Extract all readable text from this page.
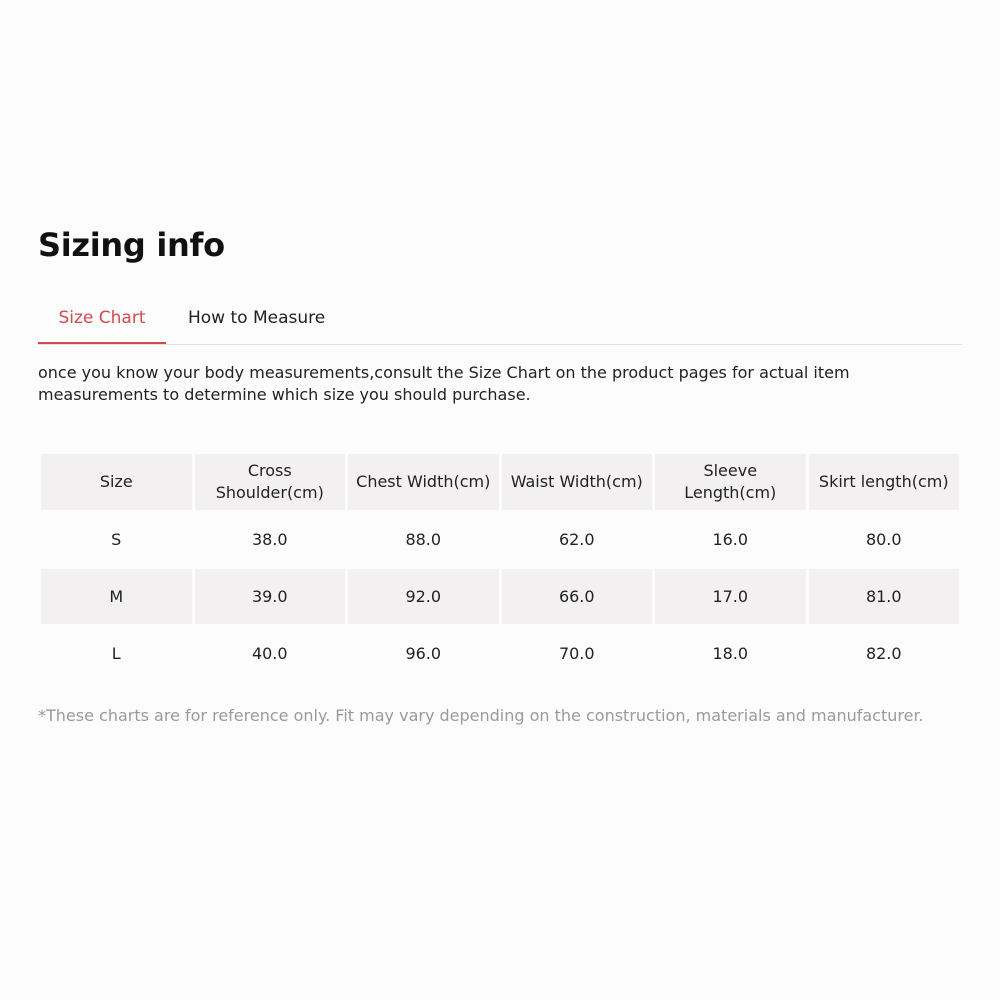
Sizing info
Size Chart	How to Measure

once you know your body measurements,consult the Size Chart on the product pages for actual item measurements to determine which size you should purchase.

Size	Cross Shoulder(cm)	Chest Width(cm)	Waist Width(cm)	Sleeve Length(cm)	Skirt length(cm)
S	38.0	88.0	62.0	16.0	80.0
M	39.0	92.0	66.0	17.0	81.0
L	40.0	96.0	70.0	18.0	82.0

*These charts are for reference only. Fit may vary depending on the construction, materials and manufacturer.
